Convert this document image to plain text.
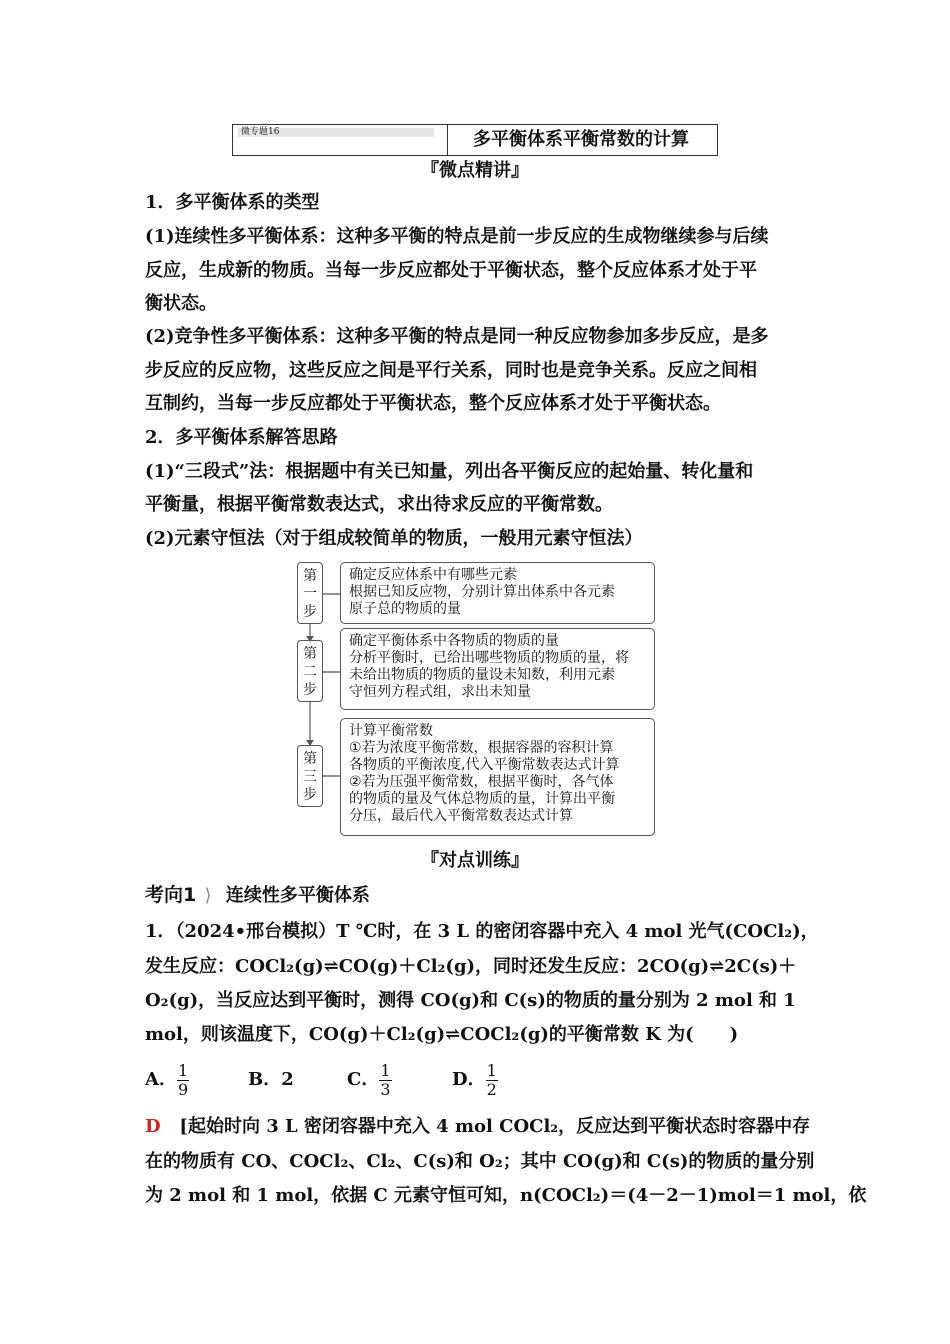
微专题16	多平衡体系平衡常数的计算
『微点精讲』
1．多平衡体系的类型
(1)连续性多平衡体系：这种多平衡的特点是前一步反应的生成物继续参与后续
反应，生成新的物质。当每一步反应都处于平衡状态，整个反应体系才处于平
衡状态。
(2)竞争性多平衡体系：这种多平衡的特点是同一种反应物参加多步反应，是多
步反应的反应物，这些反应之间是平行关系，同时也是竞争关系。反应之间相
互制约，当每一步反应都处于平衡状态，整个反应体系才处于平衡状态。
2．多平衡体系解答思路
(1)“三段式”法：根据题中有关已知量，列出各平衡反应的起始量、转化量和
平衡量，根据平衡常数表达式，求出待求反应的平衡常数。
(2)元素守恒法（对于组成较简单的物质，一般用元素守恒法）
第一步
确定反应体系中有哪些元素
根据已知反应物，分别计算出体系中各元素
原子总的物质的量
第二步
确定平衡体系中各物质的物质的量
分析平衡时，已给出哪些物质的物质的量，将
未给出物质的物质的量设未知数，利用元素
守恒列方程式组，求出未知量
第三步
计算平衡常数
①若为浓度平衡常数，根据容器的容积计算
各物质的平衡浓度,代入平衡常数表达式计算
②若为压强平衡常数，根据平衡时，各气体
的物质的量及气体总物质的量，计算出平衡
分压，最后代入平衡常数表达式计算
『对点训练』
考向1 ⟩ 连续性多平衡体系
1．（2024•邢台模拟）T ℃时，在 3 L 的密闭容器中充入 4 mol 光气(COCl₂)，
发生反应：COCl₂(g)⇌CO(g)＋Cl₂(g)，同时还发生反应：2CO(g)⇌2C(s)＋
O₂(g)，当反应达到平衡时，测得 CO(g)和 C(s)的物质的量分别为 2 mol 和 1
mol，则该温度下，CO(g)＋Cl₂(g)⇌COCl₂(g)的平衡常数 K 为(　　)
A． $\frac{1}{9}$	B．2	C． $\frac{1}{3}$	D． $\frac{1}{2}$
D [起始时向 3 L 密闭容器中充入 4 mol COCl₂，反应达到平衡状态时容器中存
在的物质有 CO、COCl₂、Cl₂、C(s)和 O₂；其中 CO(g)和 C(s)的物质的量分别
为 2 mol 和 1 mol，依据 C 元素守恒可知，n(COCl₂)＝(4－2－1)mol＝1 mol，依
